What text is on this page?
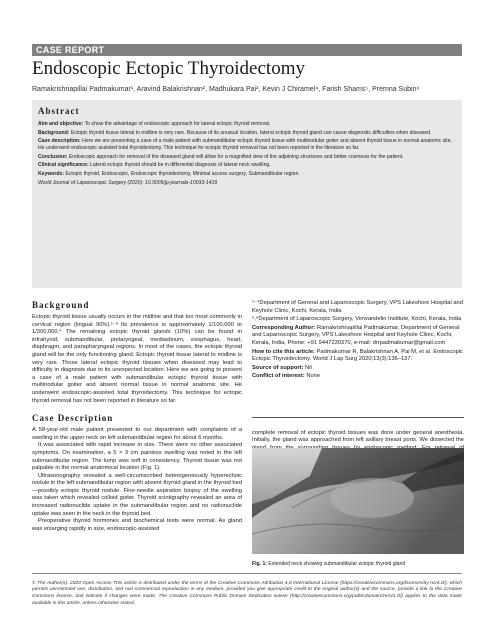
CASE REPORT
Endoscopic Ectopic Thyroidectomy
Ramakrishnapillai Padmakumar¹, Aravind Balakrishnan², Madhukara Pai², Kevin J Chiramel⁴, Farish Shams⁵, Premna Subin⁶
Abstract

Aim and objective: To show the advantage of endoscopic approach for lateral ectopic thyroid removal.

Background: Ectopic thyroid tissue lateral to midline is very rare. Because of its unusual location, lateral ectopic thyroid gland can cause diagnostic difficulties when diseased.

Case description: Here we are presenting a case of a male patient with submandibular ectopic thyroid tissue with multinodular goiter and absent thyroid tissue in normal anatomic site. He underwent endoscopic assisted total thyroidectomy. This technique for ectopic thyroid removal has not been reported in the literature so far.

Conclusion: Endoscopic approach for removal of the diseased gland will allow for a magnified view of the adjoining structures and better cosmesis for the patient.

Clinical significance: Lateral ectopic thyroid should be in differential diagnosis of lateral neck swelling.

Keywords: Ectopic thyroid, Endoscopic, Endoscopic thyroidectomy, Minimal access surgery, Submandibular region.

World Journal of Laparoscopic Surgery (2020): 10.5005/jp-journals-10033-1419

Background

Ectopic thyroid tissue usually occurs in the midline and that too most commonly in cervical region (lingual 90%).¹⁻³ Its prevalence is approximately 1/100,000 to 1/300,000.⁴ The remaining ectopic thyroid glands (10%) can be found in infrahyoid, submandibular, prelaryngeal, mediastinum, esophagus, heart, diaphragm, and parapharyngeal regions. In most of the cases, the ectopic thyroid gland will be the only functioning gland. Ectopic thyroid tissue lateral to midline is very rare. Those lateral ectopic thyroid tissues when diseased may lead to difficulty in diagnosis due to its unexpected location. Here we are going to present a case of a male patient with submandibular ectopic thyroid tissue with multinodular goiter and absent normal tissue in normal anatomic site. He underwent endoscopic-assisted total thyroidectomy. This technique for ectopic thyroid removal has not been reported in literature so far.

Case Description

A 58-year-old male patient presented to our department with complaints of a swelling in the upper neck on left submandibular region for about 6 months.

It was associated with rapid increase in size. There were no other associated symptoms. On examination, a 5 × 3 cm painless swelling was noted in the left submandibular region. The lump was soft in consistency. Thyroid tissue was not palpable in the normal anatomical location (Fig. 1).

Ultrasonography revealed a well-circumscribed heterogeneously hyperechoic nodule in the left submandibular region with absent thyroid gland in the thyroid bed—possibly ectopic thyroid nodule. Fine-needle aspiration biopsy of the swelling was taken which revealed colloid goiter. Thyroid scintigraphy revealed an area of increased radionuclide uptake in the submandibular region and no radionuclide uptake was seen in the neck in the thyroid bed.

Preoperative thyroid hormones and biochemical tests were normal. As gland was enlarging rapidly in size, endoscopic-assisted

¹⁻⁴Department of General and Laparoscopic Surgery, VPS Lakeshore Hospital and Keyhole Clinic, Kochi, Kerala, India

⁵,⁶Department of Laparoscopic Surgery, Venvandelin Institute, Kochi, Kerala, India

Corresponding Author: Ramakrishnapillai Padmakumar, Department of General and Laparoscopic Surgery, VPS Lakeshore Hospital and Keyhole Clinic, Kochi, Kerala, India, Phone: +91 9447230370, e-mail: drrpadmakumar@gmail.com

How to cite this article: Padmakumar R, Balakrishnan A, Pai M, et al. Endoscopic Ectopic Thyroidectomy. World J Lap Surg 2020;13(3):136–137.

Source of support: Nil

Conflict of interest: None

complete removal of ectopic thyroid tissues was done under general anesthesia. Initially, the gland was approached from left axillary breast ports. We dissected the

Fig. 1: Extended neck showing submandibular ectopic thyroid gland

© The Author(s). 2020 Open Access This article is distributed under the terms of the Creative Commons Attribution 4.0 International License (https://creativecommons.org/licenses/by-nc/4.0/), which permits unrestricted use, distribution, and non-commercial reproduction in any medium, provided you give appropriate credit to the original author(s) and the source, provide a link to the Creative Commons license, and indicate if changes were made. The Creative Commons Public Domain Dedication waiver (http://creativecommons.org/publicdomain/zero/1.0/) applies to the data made available in this article, unless otherwise stated.
